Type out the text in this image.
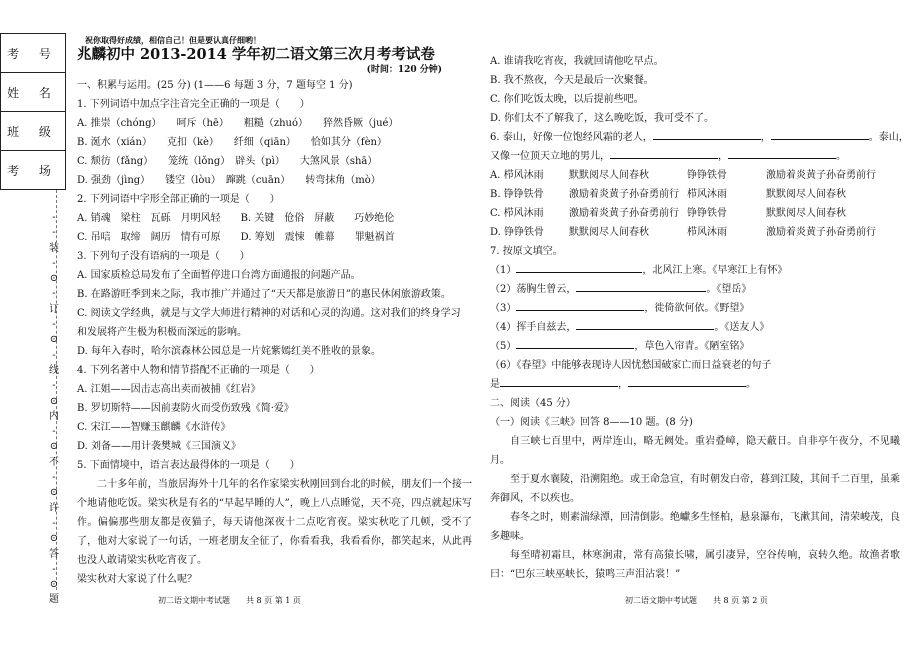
考 号
姓 名
班 级
考 场
-
-
装
-
⊙
-
订
-
⊙
-
线
-
⊙
内
-
⊙
不
-
⊙
许
-
⊙
答
-
⊙
题
祝你取得好成绩，相信自己！但是要认真仔细哟！
兆麟初中 2013-2014 学年初二语文第三次月考考试卷
(时间：120 分钟)

一、积累与运用。(25 分) (1——6 每题 3 分，7 题每空 1 分)

1. 下列词语中加点字注音完全正确的一项是（　　）

A. 推崇（chóng）　　呵斥（hē）　　粗糙（zhuó）　　猝然昏厥（jué）

B. 涎水（xián）　　克扣（kè）　　纤细（qiān）　　恰如其分（fèn）

C. 颓彷（fǎng）　　笼统（lǒng）　辟头（pì）　　大煞风景（shā）

D. 强劲（jìng）　　镂空（lòu）　蹿跳（cuān）　　转弯抹角（mò）

2. 下列词语中字形全部正确的一项是（　　）

A. 销魂　梁柱　瓦砾　月明风轻　　B. 关键　伧俗　屏蔽　　巧妙绝伦

C. 吊唁　取缔　阔历　情有可原　　D. 筹划　震悚　帷幕　　罪魁祸首

3. 下列句子没有语病的一项是（　　）

A. 国家质检总局发布了全面暂停进口台湾方面通报的问题产品。

B. 在路游旺季到来之际，我市推广并通过了“天天都是旅游日”的惠民休闲旅游政策。

C. 阅读文学经典，就是与文学大师进行精神的对话和心灵的沟通。这对我们的终身学习

和发展将产生极为积极而深远的影响。

D. 每年入春时，哈尔滨森林公园总是一片姹紫嫣红美不胜收的景象。

4. 下列名著中人物和情节搭配不正确的一项是（　　）

A. 江姐——因击志高出卖而被捕《红岩》

B. 罗切斯特——因前妻防火而受伤致残《简·爱》

C. 宋江——智赚玉麒麟《水浒传》

D. 刘备——用计袭樊城《三国演义》

5. 下面情境中，语言表达最得体的一项是（　　）

二十多年前，当旅居海外十几年的名作家梁实秋刚回到台北的时候，朋友们一个接一个地请他吃饭。梁实秋是有名的“早起早睡的人”，晚上八点睡觉，天不亮，四点就起床写作。偏偏那些朋友都是夜猫子，每天请他深夜十二点吃宵夜。梁实秋吃了几顿，受不了了，他对大家说了一句话，一班老朋友全征了，你看看我，我看看你，都笑起来，从此再也没人敢请梁实秋吃宵夜了。

梁实秋对大家说了什么呢？

A. 谁请我吃宵夜，我就回请他吃早点。

B. 我不熬夜，今天是最后一次聚餐。

C. 你们吃饭太晚，以后提前些吧。

D. 你们太不了解我了，这么晚吃饭，我可受不了。

6. 泰山，好像一位饱经风霜的老人，	，	。泰山，

又像一位顶天立地的男儿，	，	。

A. 栉风沐雨	默默阅尽人间春秋	铮铮铁骨	激励着炎黄子孙奋勇前行

B. 铮铮铁骨	激励着炎黄子孙奋勇前行 栉风沐雨	默默阅尽人间春秋

C. 栉风沐雨	激励着炎黄子孙奋勇前行 铮铮铁骨	默默阅尽人间春秋

D. 铮铮铁骨 默默阅尽人间春秋	栉风沐雨	激励着炎黄子孙奋勇前行

7. 按原文填空。

（1）	，北风江上寒。《早寒江上有怀》

（2）荡胸生曾云，	。《望岳》

（3）	，徙倚欲何依。《野望》

（4）挥手自兹去，	。《送友人》

（5）	，草色入帘青。《陋室铭》

（6）《春望》中能够表现诗人因忧愁国破家亡而日益衰老的句子

是	，	。

二、阅读（45 分）

（一）阅读《三峡》回答 8——10 题。(8 分)

自三峡七百里中，两岸连山，略无阙处。重岩叠嶂，隐天蔽日。自非亭午夜分，不见曦月。

至于夏水襄陵，沿溯阻绝。或王命急宣，有时朝发白帝，暮到江陵，其间千二百里，虽乘奔御风，不以疾也。

春冬之时，则素湍绿潭，回清倒影。绝巘多生怪柏，悬泉瀑布，飞漱其间，清荣峻茂，良多趣味。

每至晴初霜旦，林寒涧肃，常有高猿长啸，属引凄异，空谷传响，哀转久绝。故渔者歌曰：“巴东三峡巫峡长，猿鸣三声泪沾裳！”

初二语文期中考试题　　共 8 页 第 1 页	初二语文期中考试题　　共 8 页 第 2 页
